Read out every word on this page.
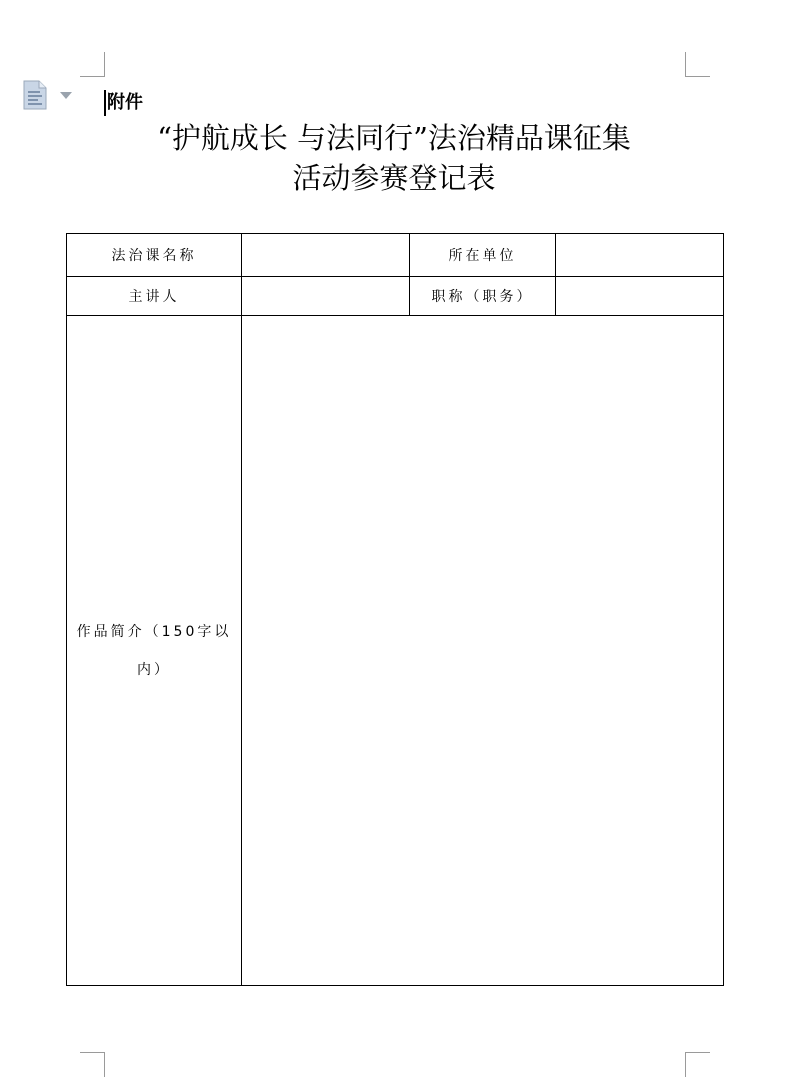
附件
“护航成长 与法同行”法治精品课征集
活动参赛登记表
法治课名称		所在单位	
主讲人		职称（职务）	
作品简介（150字以内）			
